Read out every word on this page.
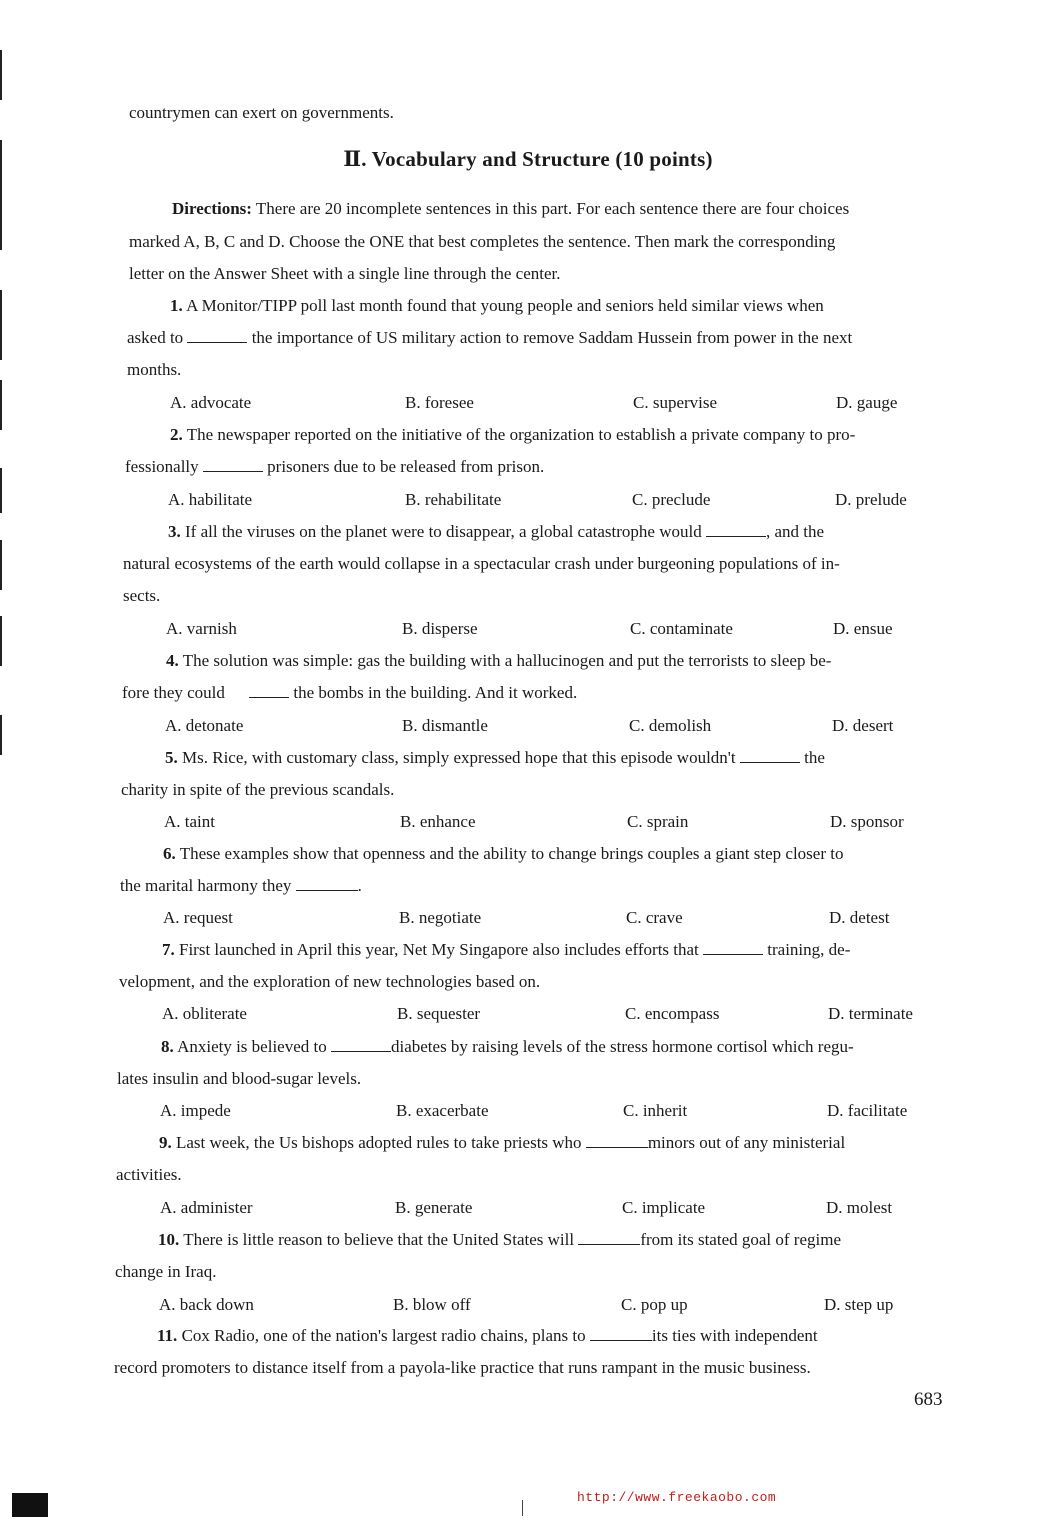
countrymen can exert on governments.
Ⅱ. Vocabulary and Structure (10 points)
Directions: There are 20 incomplete sentences in this part. For each sentence there are four choices
marked A, B, C and D. Choose the ONE that best completes the sentence. Then mark the corresponding
letter on the Answer Sheet with a single line through the center.
1. A Monitor/TIPP poll last month found that young people and seniors held similar views when
asked to	the importance of US military action to remove Saddam Hussein from power in the next
months.
A. advocate	B. foresee	C. supervise	D. gauge
2. The newspaper reported on the initiative of the organization to establish a private company to pro-
fessionally	prisoners due to be released from prison.
A. habilitate	B. rehabilitate	C. preclude	D. prelude
3. If all the viruses on the planet were to disappear, a global catastrophe would	, and the
natural ecosystems of the earth would collapse in a spectacular crash under burgeoning populations of in-
sects.
A. varnish	B. disperse	C. contaminate	D. ensue
4. The solution was simple: gas the building with a hallucinogen and put the terrorists to sleep be-
fore they could	the bombs in the building. And it worked.
A. detonate	B. dismantle	C. demolish	D. desert
5. Ms. Rice, with customary class, simply expressed hope that this episode wouldn't	the
charity in spite of the previous scandals.
A. taint	B. enhance	C. sprain	D. sponsor
6. These examples show that openness and the ability to change brings couples a giant step closer to
the marital harmony they	.
A. request	B. negotiate	C. crave	D. detest
7. First launched in April this year, Net My Singapore also includes efforts that	training, de-
velopment, and the exploration of new technologies based on.
A. obliterate	B. sequester	C. encompass	D. terminate
8. Anxiety is believed to	diabetes by raising levels of the stress hormone cortisol which regu-
lates insulin and blood-sugar levels.
A. impede	B. exacerbate	C. inherit	D. facilitate
9. Last week, the Us bishops adopted rules to take priests who	minors out of any ministerial
activities.
A. administer	B. generate	C. implicate	D. molest
10. There is little reason to believe that the United States will	from its stated goal of regime
change in Iraq.
A. back down	B. blow off	C. pop up	D. step up
11. Cox Radio, one of the nation's largest radio chains, plans to	its ties with independent
record promoters to distance itself from a payola-like practice that runs rampant in the music business.
683
http://www.freekaobo.com
